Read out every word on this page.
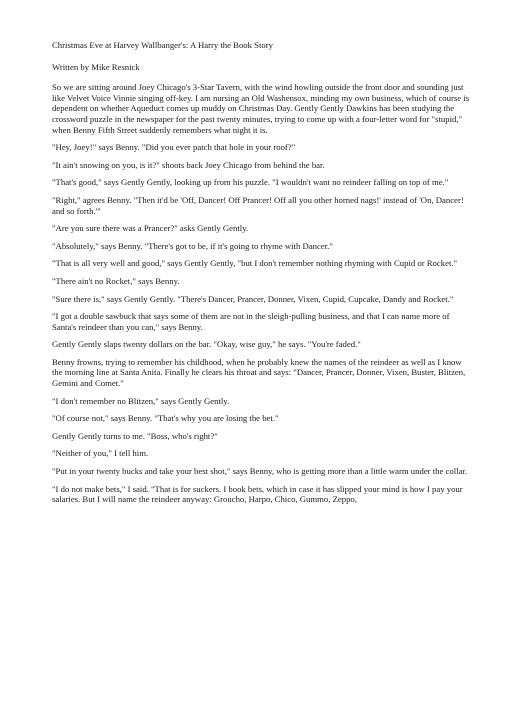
Christmas Eve at Harvey Wallbanger's: A Harry the Book Story

Written by Mike Resnick

So we are sitting around Joey Chicago's 3-Star Tavern, with the wind howling outside the front door and sounding just like Velvet Voice Vinnie singing off-key. I am nursing an Old Washensox, minding my own business, which of course is dependent on whether Aqueduct comes up muddy on Christmas Day. Gently Gently Dawkins has been studying the crossword puzzle in the newspaper for the past twenty minutes, trying to come up with a four-letter word for "stupid," when Benny Fifth Street suddenly remembers what night it is.

"Hey, Joey!" says Benny. "Did you ever patch that hole in your roof?"

"It ain't snowing on you, is it?" shoots back Joey Chicago from behind the bar.

"That's good," says Gently Gently, looking up from his puzzle. "I wouldn't want no reindeer falling on top of me."

"Right," agrees Benny. "Then it'd be 'Off, Dancer! Off Prancer! Off all you other horned nags!' instead of 'On, Dancer! and so forth.'"

"Are you sure there was a Prancer?" asks Gently Gently.

"Absolutely," says Benny. "There's got to be, if it's going to rhyme with Dancer."

"That is all very well and good," says Gently Gently, "but I don't remember nothing rhyming with Cupid or Rocket."

"There ain't no Rocket," says Benny.

"Sure there is," says Gently Gently. "There's Dancer, Prancer, Donner, Vixen, Cupid, Cupcake, Dandy and Rocket."

"I got a double sawbuck that says some of them are not in the sleigh-pulling business, and that I can name more of Santa's reindeer than you can," says Benny.

Gently Gently slaps twenty dollars on the bar. "Okay, wise guy," he says. "You're faded."

Benny frowns, trying to remember his childhood, when he probably knew the names of the reindeer as well as I know the morning line at Santa Anita. Finally he clears his throat and says: "Dancer, Prancer, Donner, Vixen, Buster, Blitzen, Gemini and Comet."

"I don't remember no Blitzen," says Gently Gently.

"Of course not," says Benny. "That's why you are losing the bet."

Gently Gently turns to me. "Boss, who's right?"

"Neither of you," I tell him.

"Put in your twenty bucks and take your best shot," says Benny, who is getting more than a little warm under the collar.

"I do not make bets," I said. "That is for suckers. I book bets, which in case it has slipped your mind is how I pay your salaries. But I will name the reindeer anyway: Groucho, Harpo, Chico, Gummo, Zeppo,
